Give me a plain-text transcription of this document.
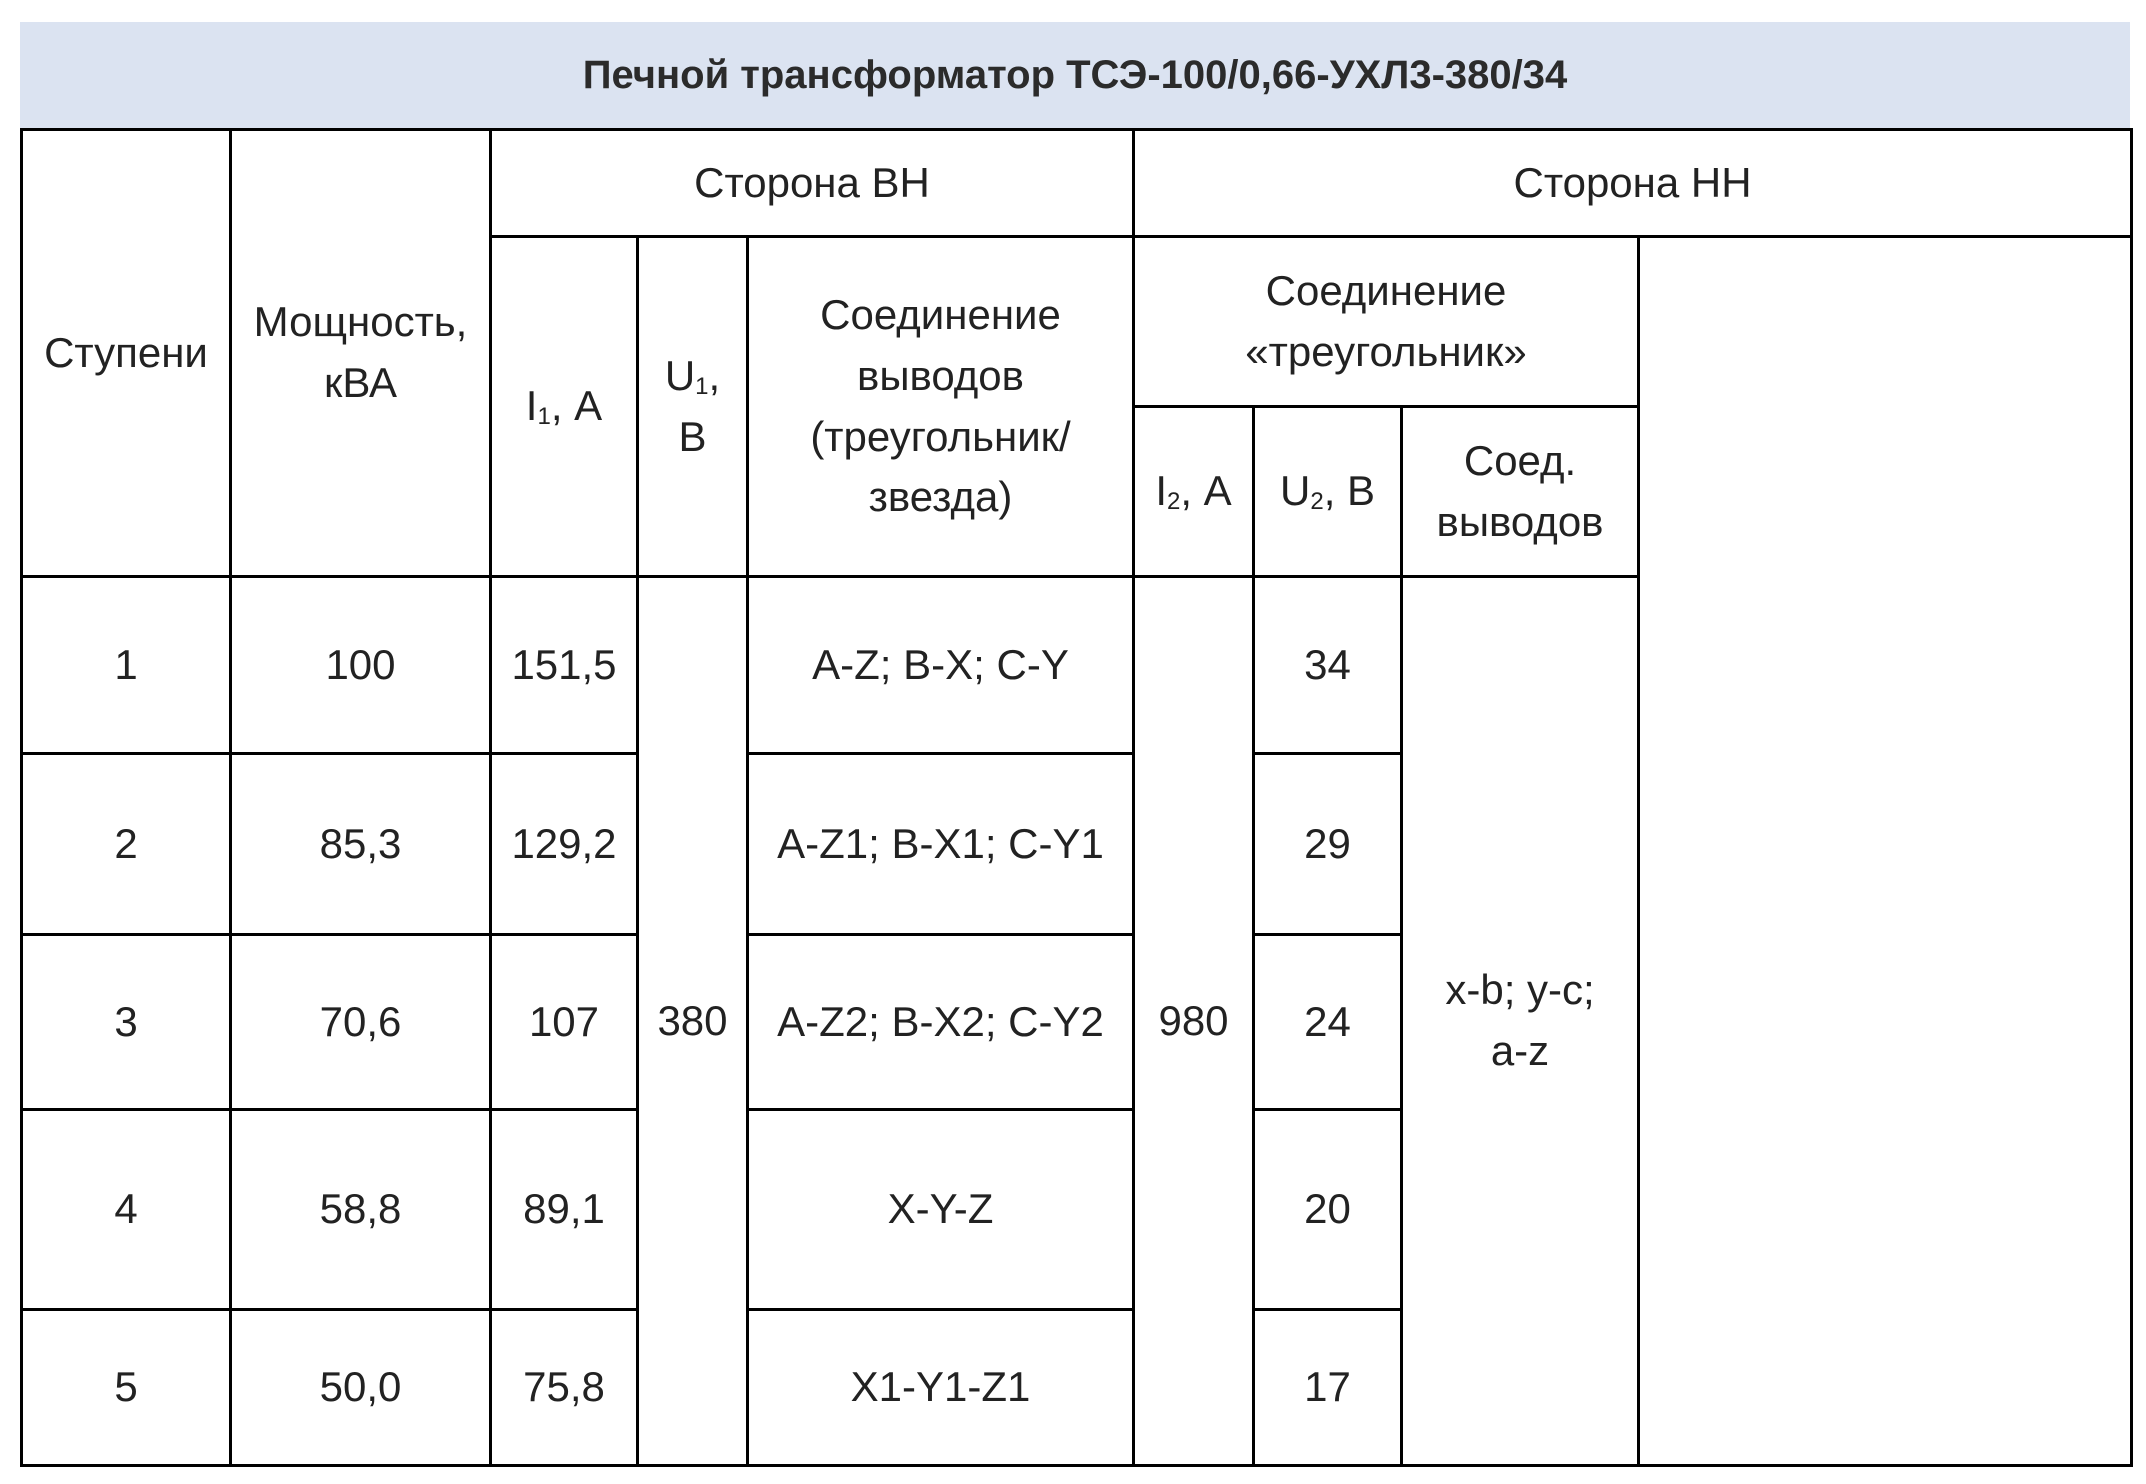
Печной трансформатор ТСЭ-100/0,66-УХЛ3-380/34
Ступени	Мощность, кВА	Сторона ВН			Сторона НН			
		I1, А	U1, В	Соединение выводов (треугольник/ звезда)	Соединение «треугольник»			
					I2, А	U2, В	Соед. выводов	
1	100	151,5	380	A-Z; B-X; C-Y	980	34	x-b; y-c; a-z	
2	85,3	129,2		A-Z1; B-X1; C-Y1		29		
3	70,6	107		A-Z2; B-X2; C-Y2		24		
4	58,8	89,1		X-Y-Z		20		
5	50,0	75,8		X1-Y1-Z1		17		
